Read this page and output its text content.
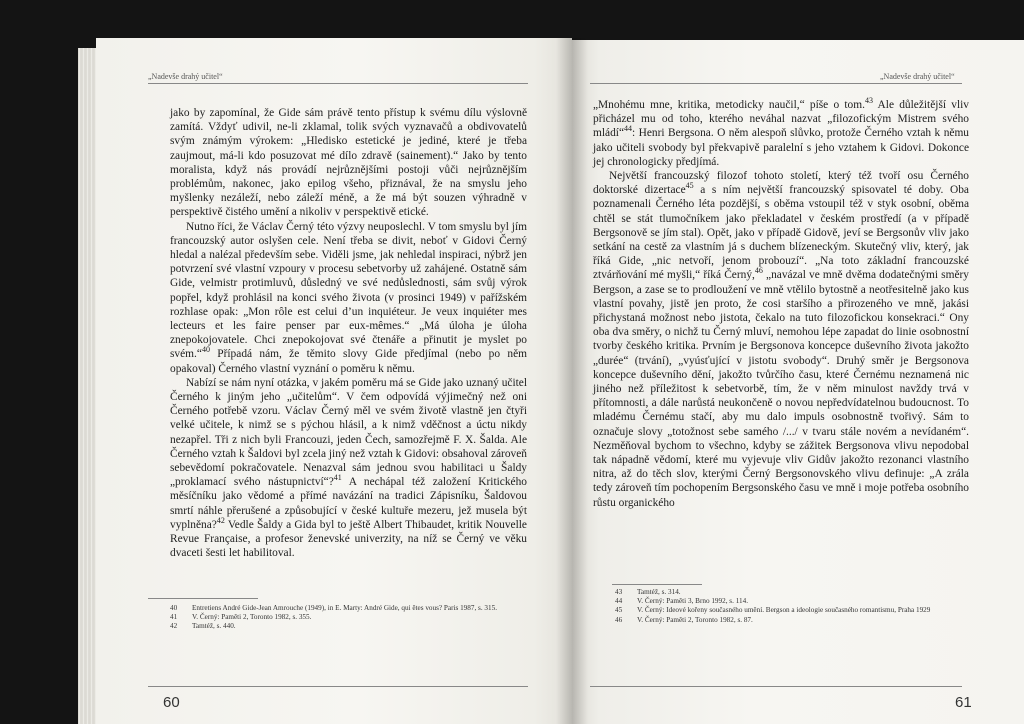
„Nadevše drahý učitel“

jako by zapomínal, že Gide sám právě tento přístup k svému dílu výslovně zamítá. Vždyť udivil, ne-li zklamal, tolik svých vyznavačů a obdivovatelů svým známým výrokem: „Hledisko estetické je jediné, které je třeba zaujmout, má-li kdo posuzovat mé dílo zdravě (sainement).“ Jako by tento moralista, když nás provádí nejrůznějšími postoji vůči nejrůznějším problémům, nakonec, jako epilog všeho, přiznával, že na smyslu jeho myšlenky nezáleží, nebo záleží méně, a že má být souzen výhradně v perspektivě čistého umění a nikoliv v perspektivě etické.

Nutno říci, že Václav Černý této výzvy neuposlechl. V tom smyslu byl jím francouzský autor oslyšen cele. Není třeba se divit, neboť v Gidovi Černý hledal a nalézal především sebe. Viděli jsme, jak nehledal inspiraci, nýbrž jen potvrzení své vlastní vzpoury v procesu sebetvorby už zahájené. Ostatně sám Gide, velmistr protimluvů, důsledný ve své nedůslednosti, sám svůj výrok popřel, když prohlásil na konci svého života (v prosinci 1949) v pařížském rozhlase opak: „Mon rôle est celui d’un inquiéteur. Je veux inquiéter mes lecteurs et les faire penser par eux-mêmes.“ „Má úloha je úloha znepokojovatele. Chci znepokojovat své čtenáře a přinutit je myslet po svém.“$^{40}$ Případá nám, že těmito slovy Gide předjímal (nebo po něm opakoval) Černého vlastní vyznání o poměru k němu.

Nabízí se nám nyní otázka, v jakém poměru má se Gide jako uznaný učitel Černého k jiným jeho „učitelům“. V čem odpovídá výjimečný než oni Černého potřebě vzoru. Václav Černý měl ve svém životě vlastně jen čtyři velké učitele, k nimž se s pýchou hlásil, a k nimž vděčnost a úctu nikdy nezapřel. Tři z nich byli Francouzi, jeden Čech, samozřejmě F. X. Šalda. Ale Černého vztah k Šaldovi byl zcela jiný než vztah k Gidovi: obsahoval zároveň sebevědomí pokračovatele. Nenazval sám jednou svou habilitaci u Šaldy „proklamací svého nástupnictví“?$^{41}$ A nechápal též založení Kritického měsíčníku jako vědomé a přímé navázání na tradici Zápisníku, Šaldovou smrtí náhle přerušené a způsobující v české kultuře mezeru, jež musela být vyplněna?$^{42}$ Vedle Šaldy a Gida byl to ještě Albert Thibaudet, kritik Nouvelle Revue Française, a profesor ženevské univerzity, na níž se Černý ve věku dvaceti šesti let habilitoval.

40	Entretiens André Gide-Jean Amrouche (1949), in E. Marty: André Gide, qui êtes vous? Paris 1987, s. 315.
41	V. Černý: Paměti 2, Toronto 1982, s. 355.
42	Tamtéž, s. 440.
60
„Nadevše drahý učitel“

„Mnohému mne, kritika, metodicky naučil,“ píše o tom.$^{43}$ Ale důležitější vliv přicházel mu od toho, kterého neváhal nazvat „filozofickým Mistrem svého mládí“$^{44}$: Henri Bergsona. O něm alespoň slůvko, protože Černého vztah k němu jako učiteli svobody byl překvapivě paralelní s jeho vztahem k Gidovi. Dokonce jej chronologicky předjímá.

Největší francouzský filozof tohoto století, který též tvoří osu Černého doktorské dizertace$^{45}$ a s ním největší francouzský spisovatel té doby. Oba poznamenali Černého léta pozdější, s oběma vstoupil též v styk osobní, oběma chtěl se stát tlumočníkem jako překladatel v českém prostředí (a v případě Bergsonově se jím stal). Opět, jako v případě Gidově, jeví se Bergsonův vliv jako setkání na cestě za vlastním já s duchem blízeneckým. Skutečný vliv, který, jak říká Gide, „nic netvoří, jenom probouzí“. „Na toto základní francouzské ztvárňování mé myšli,“ říká Černý,$^{46}$ „navázal ve mně dvěma dodatečnými směry Bergson, a zase se to prodloužení ve mně vtělilo bytostně a neotřesitelně jako kus vlastní povahy, jistě jen proto, že cosi staršího a přirozeného ve mně, jakási přichystaná možnost nebo jistota, čekalo na tuto filozofickou konsekraci.“ Ony oba dva směry, o nichž tu Černý mluví, nemohou lépe zapadat do linie osobnostní tvorby českého kritika. Prvním je Bergsonova koncepce duševního života jakožto „durée“ (trvání), „vyúsťující v jistotu svobody“. Druhý směr je Bergsonova koncepce duševního dění, jakožto tvůrčího času, které Černému neznamená nic jiného než příležitost k sebetvorbě, tím, že v něm minulost navždy trvá v přítomnosti, a dále narůstá neukončeně o novou nepředvídatelnou budoucnost. To mladému Černému stačí, aby mu dalo impuls osobnostně tvořivý. Sám to označuje slovy „totožnost sebe samého /.../ v tvaru stále novém a nevídaném“. Nezměňoval bychom to všechno, kdyby se zážitek Bergsonova vlivu nepodobal tak nápadně vědomí, které mu vyjevuje vliv Gidův jakožto rezonanci vlastního nitra, až do těch slov, kterými Černý Bergsonovského vlivu definuje: „A zrála tedy zároveň tím pochopením Bergsonského času ve mně i moje potřeba osobního růstu organického

43	Tamtéž, s. 314.
44	V. Černý: Paměti 3, Brno 1992, s. 114.
45	V. Černý: Ideové kořeny současného umění. Bergson a ideologie současného romantismu, Praha 1929
46	V. Černý: Paměti 2, Toronto 1982, s. 87.
61
